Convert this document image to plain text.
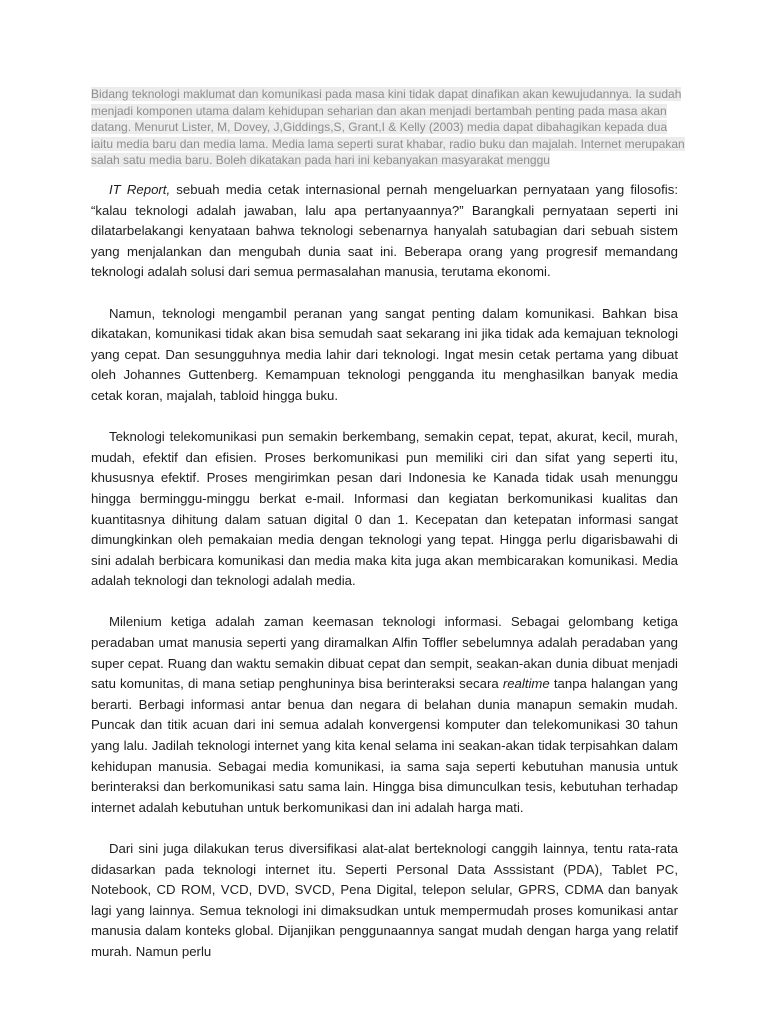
Bidang teknologi maklumat dan komunikasi pada masa kini tidak dapat dinafikan akan kewujudannya. Ia sudah menjadi komponen utama dalam kehidupan seharian dan akan menjadi bertambah penting pada masa akan datang. Menurut Lister, M, Dovey, J,Giddings,S, Grant,I & Kelly (2003) media dapat dibahagikan kepada dua iaitu media baru dan media lama. Media lama seperti surat khabar, radio buku dan majalah. Internet merupakan salah satu media baru. Boleh dikatakan pada hari ini kebanyakan masyarakat menggu

IT Report, sebuah media cetak internasional pernah mengeluarkan pernyataan yang filosofis: “kalau teknologi adalah jawaban, lalu apa pertanyaannya?” Barangkali pernyataan seperti ini dilatarbelakangi kenyataan bahwa teknologi sebenarnya hanyalah satubagian dari sebuah sistem yang menjalankan dan mengubah dunia saat ini. Beberapa orang yang progresif memandang teknologi adalah solusi dari semua permasalahan manusia, terutama ekonomi.

Namun, teknologi mengambil peranan yang sangat penting dalam komunikasi. Bahkan bisa dikatakan, komunikasi tidak akan bisa semudah saat sekarang ini jika tidak ada kemajuan teknologi yang cepat. Dan sesungguhnya media lahir dari teknologi. Ingat mesin cetak pertama yang dibuat oleh Johannes Guttenberg. Kemampuan teknologi pengganda itu menghasilkan banyak media cetak koran, majalah, tabloid hingga buku.

Teknologi telekomunikasi pun semakin berkembang, semakin cepat, tepat, akurat, kecil, murah, mudah, efektif dan efisien. Proses berkomunikasi pun memiliki ciri dan sifat yang seperti itu, khususnya efektif. Proses mengirimkan pesan dari Indonesia ke Kanada tidak usah menunggu hingga berminggu-minggu berkat e-mail. Informasi dan kegiatan berkomunikasi kualitas dan kuantitasnya dihitung dalam satuan digital 0 dan 1. Kecepatan dan ketepatan informasi sangat dimungkinkan oleh pemakaian media dengan teknologi yang tepat. Hingga perlu digarisbawahi di sini adalah berbicara komunikasi dan media maka kita juga akan membicarakan komunikasi. Media adalah teknologi dan teknologi adalah media.

Milenium ketiga adalah zaman keemasan teknologi informasi. Sebagai gelombang ketiga peradaban umat manusia seperti yang diramalkan Alfin Toffler sebelumnya adalah peradaban yang super cepat. Ruang dan waktu semakin dibuat cepat dan sempit, seakan-akan dunia dibuat menjadi satu komunitas, di mana setiap penghuninya bisa berinteraksi secara realtime tanpa halangan yang berarti. Berbagi informasi antar benua dan negara di belahan dunia manapun semakin mudah. Puncak dan titik acuan dari ini semua adalah konvergensi komputer dan telekomunikasi 30 tahun yang lalu. Jadilah teknologi internet yang kita kenal selama ini seakan-akan tidak terpisahkan dalam kehidupan manusia. Sebagai media komunikasi, ia sama saja seperti kebutuhan manusia untuk berinteraksi dan berkomunikasi satu sama lain. Hingga bisa dimunculkan tesis, kebutuhan terhadap internet adalah kebutuhan untuk berkomunikasi dan ini adalah harga mati.

Dari sini juga dilakukan terus diversifikasi alat-alat berteknologi canggih lainnya, tentu rata-rata didasarkan pada teknologi internet itu. Seperti Personal Data Asssistant (PDA), Tablet PC, Notebook, CD ROM, VCD, DVD, SVCD, Pena Digital, telepon selular, GPRS, CDMA dan banyak lagi yang lainnya. Semua teknologi ini dimaksudkan untuk mempermudah proses komunikasi antar manusia dalam konteks global. Dijanjikan penggunaannya sangat mudah dengan harga yang relatif murah. Namun perlu
